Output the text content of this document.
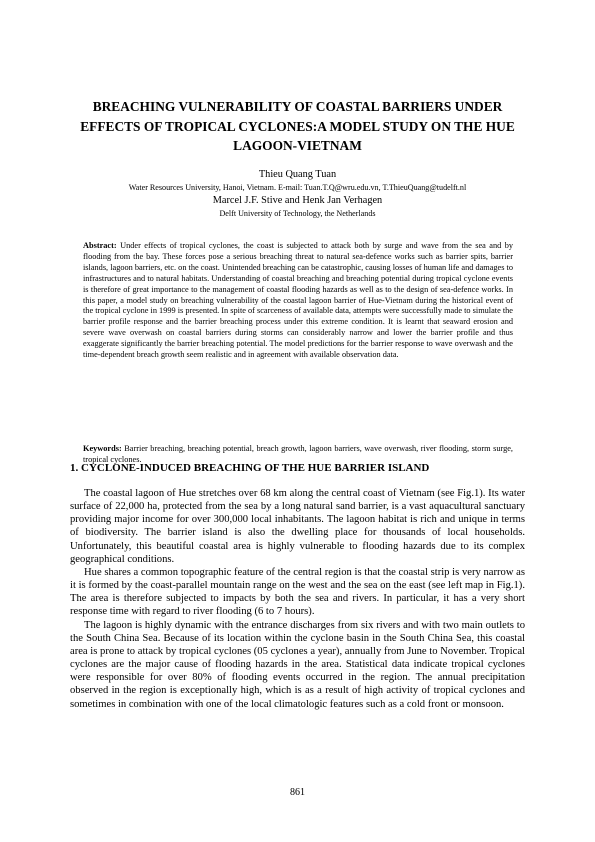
BREACHING VULNERABILITY OF COASTAL BARRIERS UNDER EFFECTS OF TROPICAL CYCLONES:A MODEL STUDY ON THE HUE LAGOON-VIETNAM
Thieu Quang Tuan
Water Resources University, Hanoi, Vietnam. E-mail: Tuan.T.Q@wru.edu.vn, T.ThieuQuang@tudelft.nl
Marcel J.F. Stive and Henk Jan Verhagen
Delft University of Technology, the Netherlands
Abstract: Under effects of tropical cyclones, the coast is subjected to attack both by surge and wave from the sea and by flooding from the bay. These forces pose a serious breaching threat to natural sea-defence works such as barrier spits, barrier islands, lagoon barriers, etc. on the coast. Unintended breaching can be catastrophic, causing losses of human life and damages to infrastructures and to natural habitats. Understanding of coastal breaching and breaching potential during tropical cyclone events is therefore of great importance to the management of coastal flooding hazards as well as to the design of sea-defence works. In this paper, a model study on breaching vulnerability of the coastal lagoon barrier of Hue-Vietnam during the historical event of the tropical cyclone in 1999 is presented. In spite of scarceness of available data, attempts were successfully made to simulate the barrier profile response and the barrier breaching process under this extreme condition. It is learnt that seaward erosion and severe wave overwash on coastal barriers during storms can considerably narrow and lower the barrier profile and thus exaggerate significantly the barrier breaching potential. The model predictions for the barrier response to wave overwash and the time-dependent breach growth seem realistic and in agreement with available observation data.
Keywords: Barrier breaching, breaching potential, breach growth, lagoon barriers, wave overwash, river flooding, storm surge, tropical cyclones.
1. CYCLONE-INDUCED BREACHING OF THE HUE BARRIER ISLAND

The coastal lagoon of Hue stretches over 68 km along the central coast of Vietnam (see Fig.1). Its water surface of 22,000 ha, protected from the sea by a long natural sand barrier, is a vast aquacultural sanctuary providing major income for over 300,000 local inhabitants. The lagoon habitat is rich and unique in terms of biodiversity. The barrier island is also the dwelling place for thousands of local households. Unfortunately, this beautiful coastal area is highly vulnerable to flooding hazards due to its complex geographical conditions.

Hue shares a common topographic feature of the central region is that the coastal strip is very narrow as it is formed by the coast-parallel mountain range on the west and the sea on the east (see left map in Fig.1). The area is therefore subjected to impacts by both the sea and rivers. In particular, it has a very short response time with regard to river flooding (6 to 7 hours).

The lagoon is highly dynamic with the entrance discharges from six rivers and with two main outlets to the South China Sea. Because of its location within the cyclone basin in the South China Sea, this coastal area is prone to attack by tropical cyclones (05 cyclones a year), annually from June to November. Tropical cyclones are the major cause of flooding hazards in the area. Statistical data indicate tropical cyclones were responsible for over 80% of flooding events occurred in the region. The annual precipitation observed in the region is exceptionally high, which is as a result of high activity of tropical cyclones and sometimes in combination with one of the local climatologic features such as a cold front or monsoon.

861
